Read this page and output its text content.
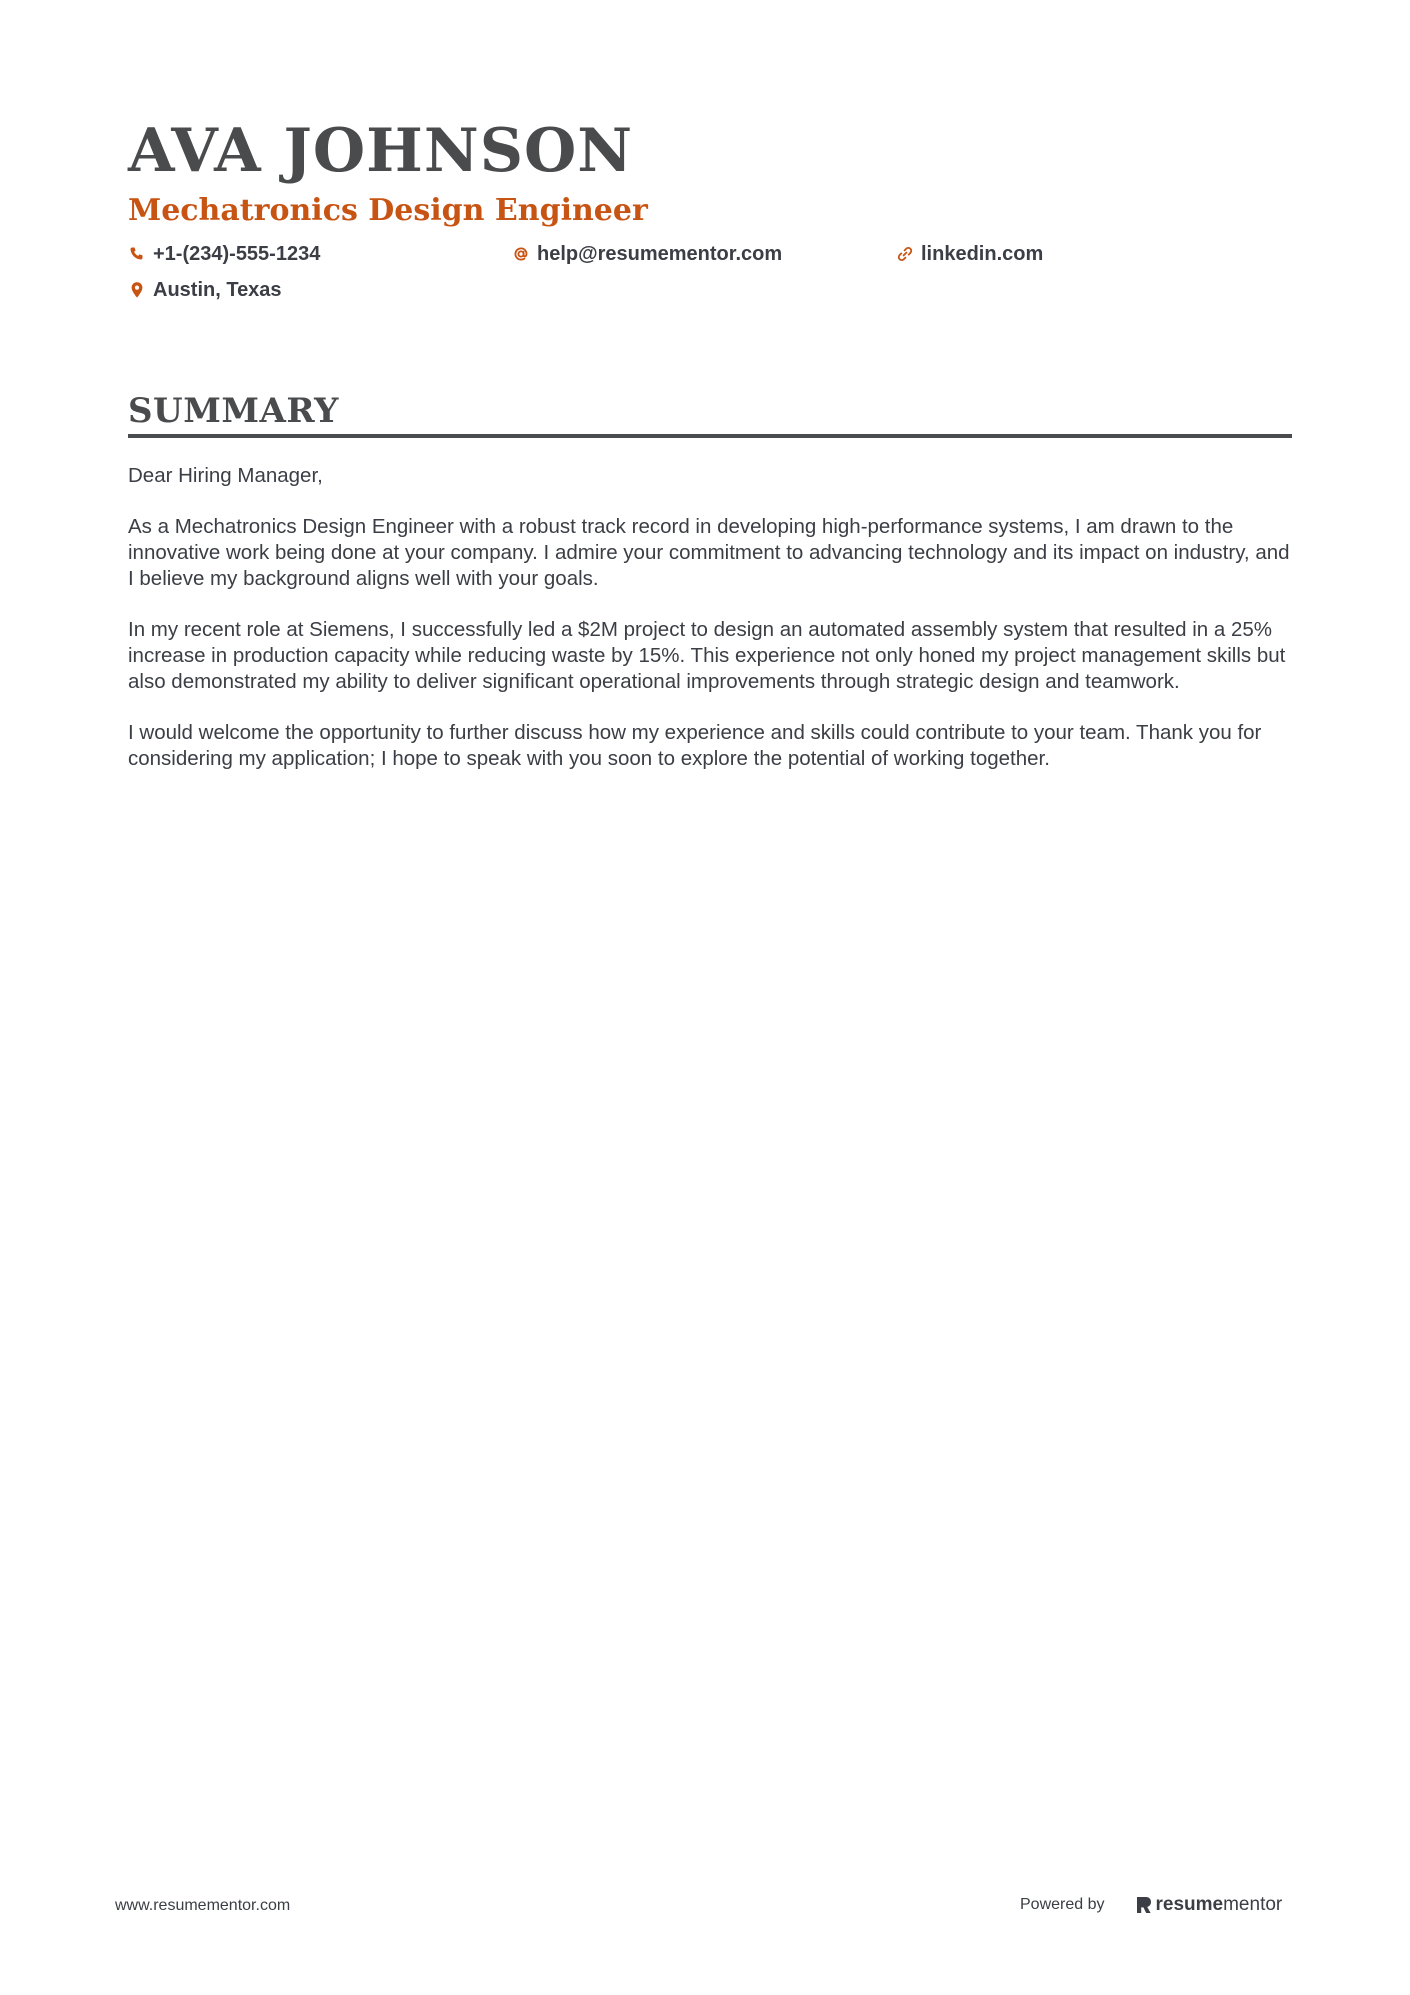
AVA JOHNSON
Mechatronics Design Engineer
+1-(234)-555-1234	help@resumementor.com	linkedin.com
Austin, Texas
SUMMARY

Dear Hiring Manager,

As a Mechatronics Design Engineer with a robust track record in developing high-performance systems, I am drawn to the innovative work being done at your company. I admire your commitment to advancing technology and its impact on industry, and I believe my background aligns well with your goals.

In my recent role at Siemens, I successfully led a $2M project to design an automated assembly system that resulted in a 25% increase in production capacity while reducing waste by 15%. This experience not only honed my project management skills but also demonstrated my ability to deliver significant operational improvements through strategic design and teamwork.

I would welcome the opportunity to further discuss how my experience and skills could contribute to your team. Thank you for considering my application; I hope to speak with you soon to explore the potential of working together.

www.resumementor.com	Powered by	resume mentor
